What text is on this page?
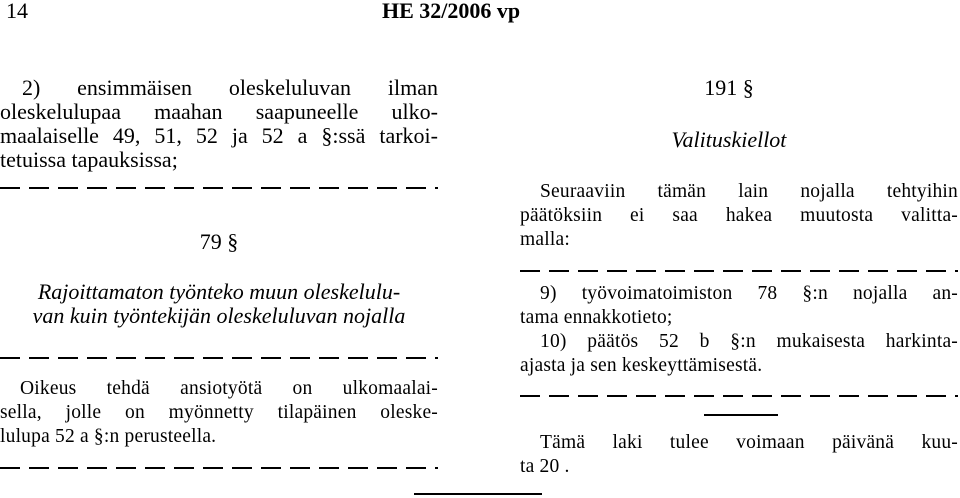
14	HE 32/2006 vp
2) ensimmäisen oleskeluluvan ilman
oleskelulupaa maahan saapuneelle ulko-
maalaiselle 49, 51, 52 ja 52 a §:ssä tarkoi-
tetuissa tapauksissa;
79 §
Rajoittamaton työnteko muun oleskelulu-
van kuin työntekijän oleskeluluvan nojalla
Oikeus tehdä ansiotyötä on ulkomaalai-
sella, jolle on myönnetty tilapäinen oleske-
lulupa 52 a §:n perusteella.
191 §
Valituskiellot
Seuraaviin tämän lain nojalla tehtyihin
päätöksiin ei saa hakea muutosta valitta-
malla:
9) työvoimatoimiston 78 §:n nojalla an-
tama ennakkotieto;
10) päätös 52 b §:n mukaisesta harkinta-
ajasta ja sen keskeyttämisestä.
Tämä laki tulee voimaan päivänä kuu-
ta 20 .
